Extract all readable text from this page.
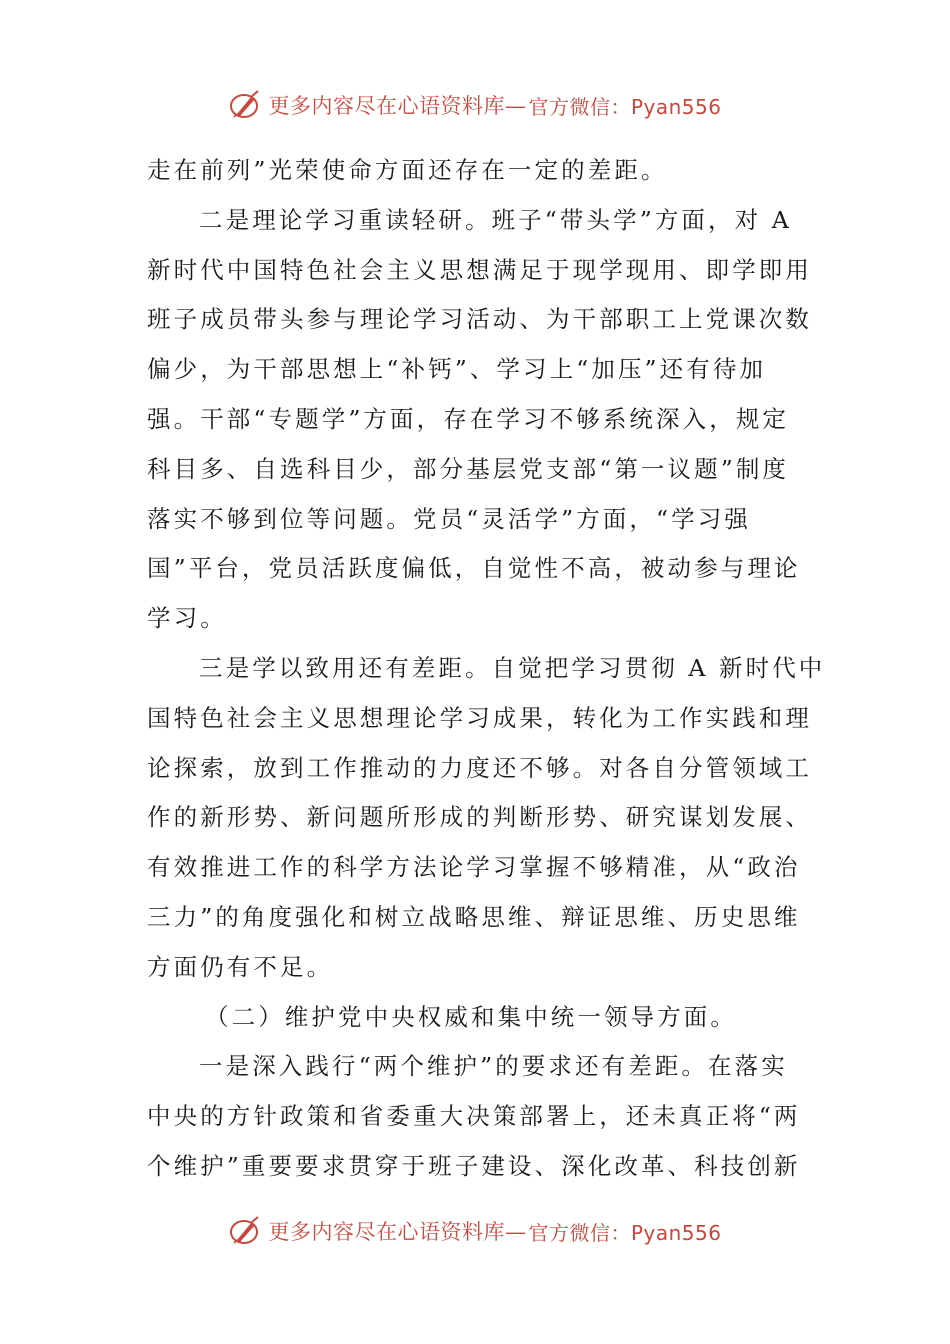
更多内容尽在心语资料库— 官方微信：Pyan556
走在前列”光荣使命方面还存在一定的差距。
二是理论学习重读轻研。班子“带头学”方面，对 A
新时代中国特色社会主义思想满足于现学现用、即学即用
班子成员带头参与理论学习活动、为干部职工上党课次数
偏少，为干部思想上“补钙”、学习上“加压”还有待加
强。干部“专题学”方面，存在学习不够系统深入，规定
科目多、自选科目少，部分基层党支部“第一议题”制度
落实不够到位等问题。党员“灵活学”方面，“学习强
国”平台，党员活跃度偏低，自觉性不高，被动参与理论
学习。
三是学以致用还有差距。自觉把学习贯彻 A 新时代中
国特色社会主义思想理论学习成果，转化为工作实践和理
论探索，放到工作推动的力度还不够。对各自分管领域工
作的新形势、新问题所形成的判断形势、研究谋划发展、
有效推进工作的科学方法论学习掌握不够精准，从“政治
三力”的角度强化和树立战略思维、辩证思维、历史思维
方面仍有不足。
（二）维护党中央权威和集中统一领导方面。
一是深入践行“两个维护”的要求还有差距。在落实
中央的方针政策和省委重大决策部署上，还未真正将“两
个维护”重要要求贯穿于班子建设、深化改革、科技创新
更多内容尽在心语资料库— 官方微信：Pyan556
